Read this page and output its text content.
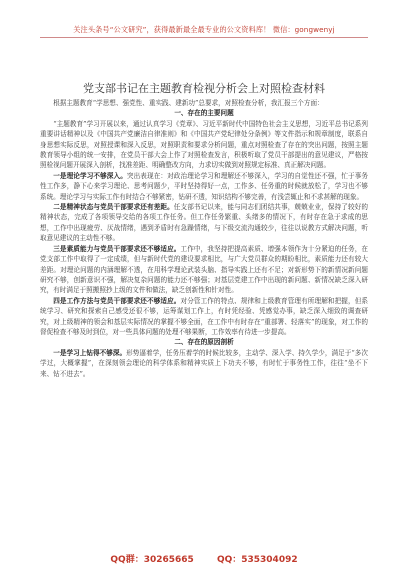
关注头条号“公文研究”，获得最新最全最专业的公文资料库！ 微信：gongwenyj
党支部书记在主题教育检视分析会上对照检查材料

根据主题教育“学思想、强党性、重实践、建新功”总要求，对照检查分析，我汇报三个方面：

一、存在的主要问题

“主题教育”学习开展以来，通过认真学习《党章》、习近平新时代中国特色社会主义思想，习近平总书记系列重要讲话精神以及《中国共产党廉洁自律准则》和《中国共产党纪律处分条例》等文件指示和规章制度，联系自身思想实际反思，对照授课和深入反思，对照职责和要求分析问题，重点对照检查了存在的突出问题，按照主题教育领导小组的统一安排，在党员干部大会上作了对照检查发言，积极听取了党员干部提出的意见建议，严格按照检视问题开展深入剖析，找准差距、明确整改方向，力求切实做到对照规定标准、真正解决问题。

一是理论学习不够深入。突出表现在：对政治理论学习和理解还不够深入，学习的自觉性还不强，忙于事务性工作多，静下心来学习理论、思考问题少，平时坚持得好一点，工作多、任务重的时候就放松了，学习也不够系统。理论学习与实际工作有时结合不够紧密，钻研不透，知识结构不够完善，有浅尝辄止和不求甚解的现象。

二是精神状态与党员干部要求还有差距。任支部书记以来，能与同志们团结共事，兢兢业业，保持了较好的精神状态，完成了各项领导交给的各项工作任务。但工作任务繁重、头绪多的情况下，有时存在急于求成的思想，工作中出现疲劳、厌战情绪，遇到矛盾时有急躁情绪，与下级交流沟通较少，往往以说教方式解决问题，听取意见建议的主动性不够。

三是素质能力与党员干部要求还不够适应。工作中，我坚持把提高素质、增强本领作为十分紧迫的任务，在党支部工作中取得了一定成绩，但与新时代党的建设要求相比，与广大党员群众的期盼相比，素质能力还有较大差距。对理论问题的内涵理解不透，在用科学理论武装头脑、指导实践上还有不足；对新形势下的新情况新问题研究不够，创新意识不强，解决复杂问题的能力还不够强；对基层党建工作中出现的新问题、新情况缺乏深入研究，有时满足于照搬照抄上级的文件和做法，缺乏创新性和针对性。

四是工作方法与党员干部要求还不够适应。对分管工作的特点、规律和上级教育管理有所理解和把握，但系统学习、研究和探索自己感受还很不够，运筹谋划工作上，有时凭经验、凭感觉办事，缺乏深入细致的调查研究，对上级精神的领会和基层实际情况的掌握不够全面，在工作中有时存在“重部署、轻落实”的现象，对工作的督促检查不够及时到位，对一些具体问题的处理不够果断，工作效率有待进一步提高。

二、存在的原因剖析

一是学习上钻得不够深。形势逼着学，任务压着学的时候比较多，主动学、深入学、持久学少，满足于“多次学过，大概掌握”，在深刻领会理论的科学体系和精神实质上下功夫不够，有时忙于事务性工作，往往“坐不下来、钻不进去”。

QQ群：30265665	QQ：535304092
